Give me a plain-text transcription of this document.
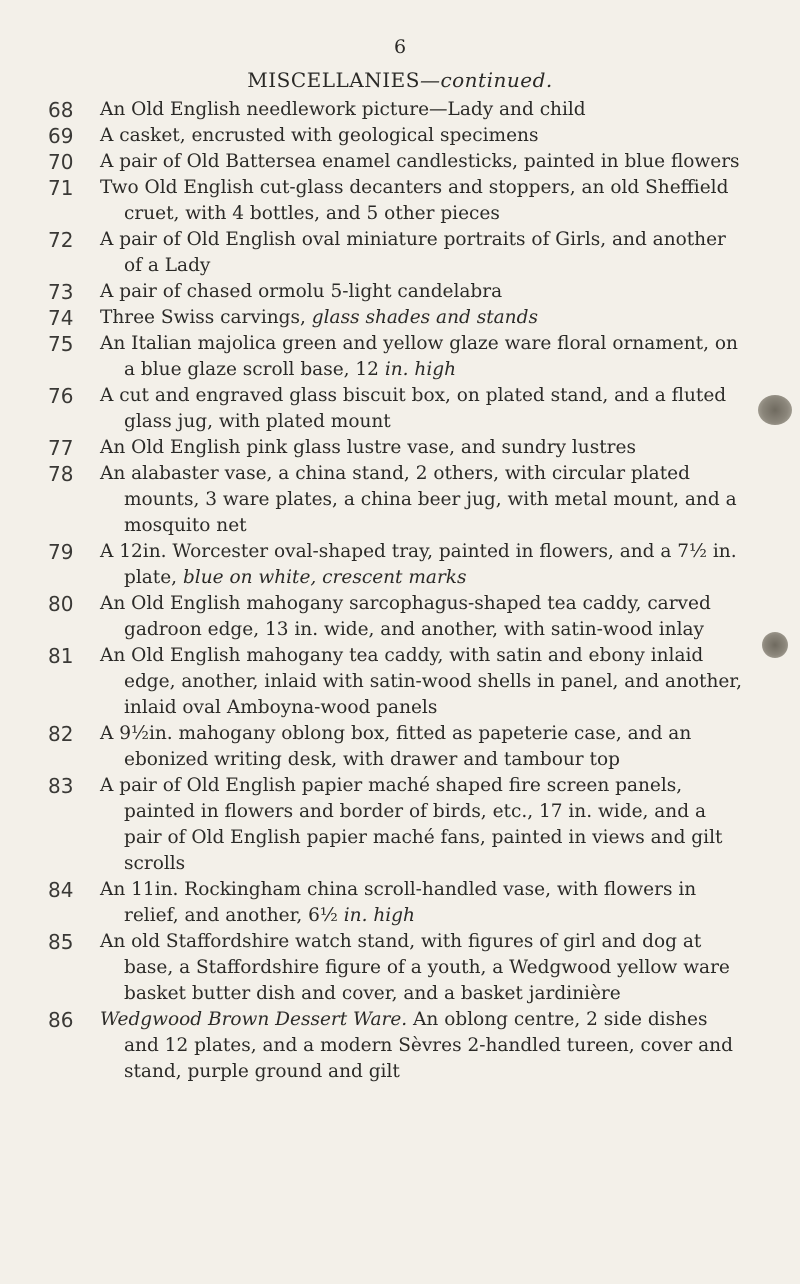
6
MISCELLANIES—continued.
68	An Old English needlework picture—Lady and child
69	A casket, encrusted with geological specimens
70	A pair of Old Battersea enamel candlesticks, painted in blue flowers
71	Two Old English cut-glass decanters and stoppers, an old Sheffield cruet, with 4 bottles, and 5 other pieces
72	A pair of Old English oval miniature portraits of Girls, and another of a Lady
73	A pair of chased ormolu 5-light candelabra
74	Three Swiss carvings, glass shades and stands
75	An Italian majolica green and yellow glaze ware floral ornament, on a blue glaze scroll base, 12 in. high
76	A cut and engraved glass biscuit box, on plated stand, and a fluted glass jug, with plated mount
77	An Old English pink glass lustre vase, and sundry lustres
78	An alabaster vase, a china stand, 2 others, with circular plated mounts, 3 ware plates, a china beer jug, with metal mount, and a mosquito net
79	A 12in. Worcester oval-shaped tray, painted in flowers, and a 7½ in. plate, blue on white, crescent marks
80	An Old English mahogany sarcophagus-shaped tea caddy, carved gadroon edge, 13 in. wide, and another, with satin-wood inlay
81	An Old English mahogany tea caddy, with satin and ebony inlaid edge, another, inlaid with satin-wood shells in panel, and another, inlaid oval Amboyna-wood panels
82	A 9½in. mahogany oblong box, fitted as papeterie case, and an ebonized writing desk, with drawer and tambour top
83	A pair of Old English papier maché shaped fire screen panels, painted in flowers and border of birds, etc., 17 in. wide, and a pair of Old English papier maché fans, painted in views and gilt scrolls
84	An 11in. Rockingham china scroll-handled vase, with flowers in relief, and another, 6½ in. high
85	An old Staffordshire watch stand, with figures of girl and dog at base, a Staffordshire figure of a youth, a Wedgwood yellow ware basket butter dish and cover, and a basket jardinière
86	Wedgwood Brown Dessert Ware. An oblong centre, 2 side dishes and 12 plates, and a modern Sèvres 2-handled tureen, cover and stand, purple ground and gilt
